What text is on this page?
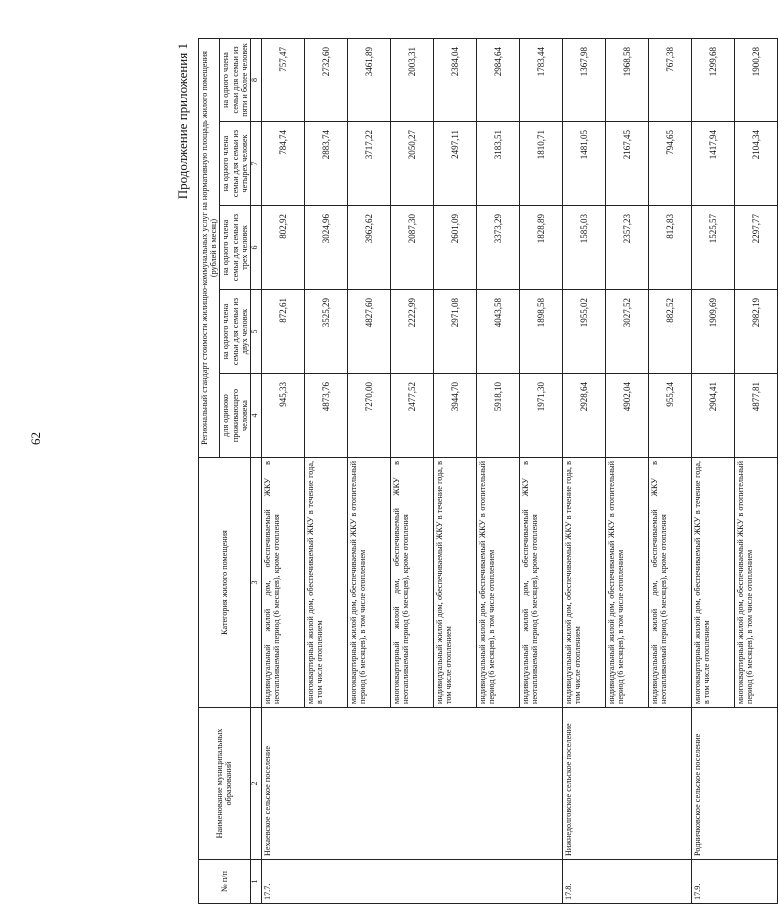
62
Продолжение приложения 1
№ п/п	Наименование муниципальных образований	Категория жилого помещения	Региональный стандарт стоимости жилищно-коммунальных услуг на нормативную площадь жилого помещения (рублей в месяц)				
			для одиноко проживающего человека	на одного члена семьи для семьи из двух человек	на одного члена семьи для семьи из трех человек	на одного члена семьи для семьи из четырех человек	на одного члена семьи для семьи из пяти и более человек
1	2	3	4	5	6	7	8
17.7.	Нехаевское сельское поселение	индивидуальный жилой дом, обеспечиваемый ЖКУ в неотапливаемый период (6 месяцев), кроме отопления	945,33	872,61	802,92	784,74	757,47
		многоквартирный жилой дом, обеспечиваемый ЖКУ в течение года, в том числе отоплением	4873,76	3525,29	3024,96	2883,74	2732,60
		многоквартирный жилой дом, обеспечиваемый ЖКУ в отопительный период (6 месяцев), в том числе отоплением	7270,00	4827,60	3962,62	3717,22	3461,89
		многоквартирный жилой дом, обеспечиваемый ЖКУ в неотапливаемый период (6 месяцев), кроме отопления	2477,52	2222,99	2087,30	2050,27	2003,31
		индивидуальный жилой дом, обеспечиваемый ЖКУ в течение года, в том числе отоплением	3944,70	2971,08	2601,09	2497,11	2384,04
		индивидуальный жилой дом, обеспечиваемый ЖКУ в отопительный период (6 месяцев), в том числе отоплением	5918,10	4043,58	3373,29	3183,51	2984,64
		индивидуальный жилой дом, обеспечиваемый ЖКУ в неотапливаемый период (6 месяцев), кроме отопления	1971,30	1898,58	1828,89	1810,71	1783,44
17.8.	Нижнедолговское сельское поселение	индивидуальный жилой дом, обеспечиваемый ЖКУ в течение года, в том числе отоплением	2928,64	1955,02	1585,03	1481,05	1367,98
		индивидуальный жилой дом, обеспечиваемый ЖКУ в отопительный период (6 месяцев), в том числе отоплением	4902,04	3027,52	2357,23	2167,45	1968,58
		индивидуальный жилой дом, обеспечиваемый ЖКУ в неотапливаемый период (6 месяцев), кроме отопления	955,24	882,52	812,83	794,65	767,38
17.9.	Родничковское сельское поселение	многоквартирный жилой дом, обеспечиваемый ЖКУ в течение года, в том числе отоплением	2904,41	1909,69	1525,57	1417,94	1299,68
		многоквартирный жилой дом, обеспечиваемый ЖКУ в отопительный период (6 месяцев), в том числе отоплением	4877,81	2982,19	2297,77	2104,34	1900,28
